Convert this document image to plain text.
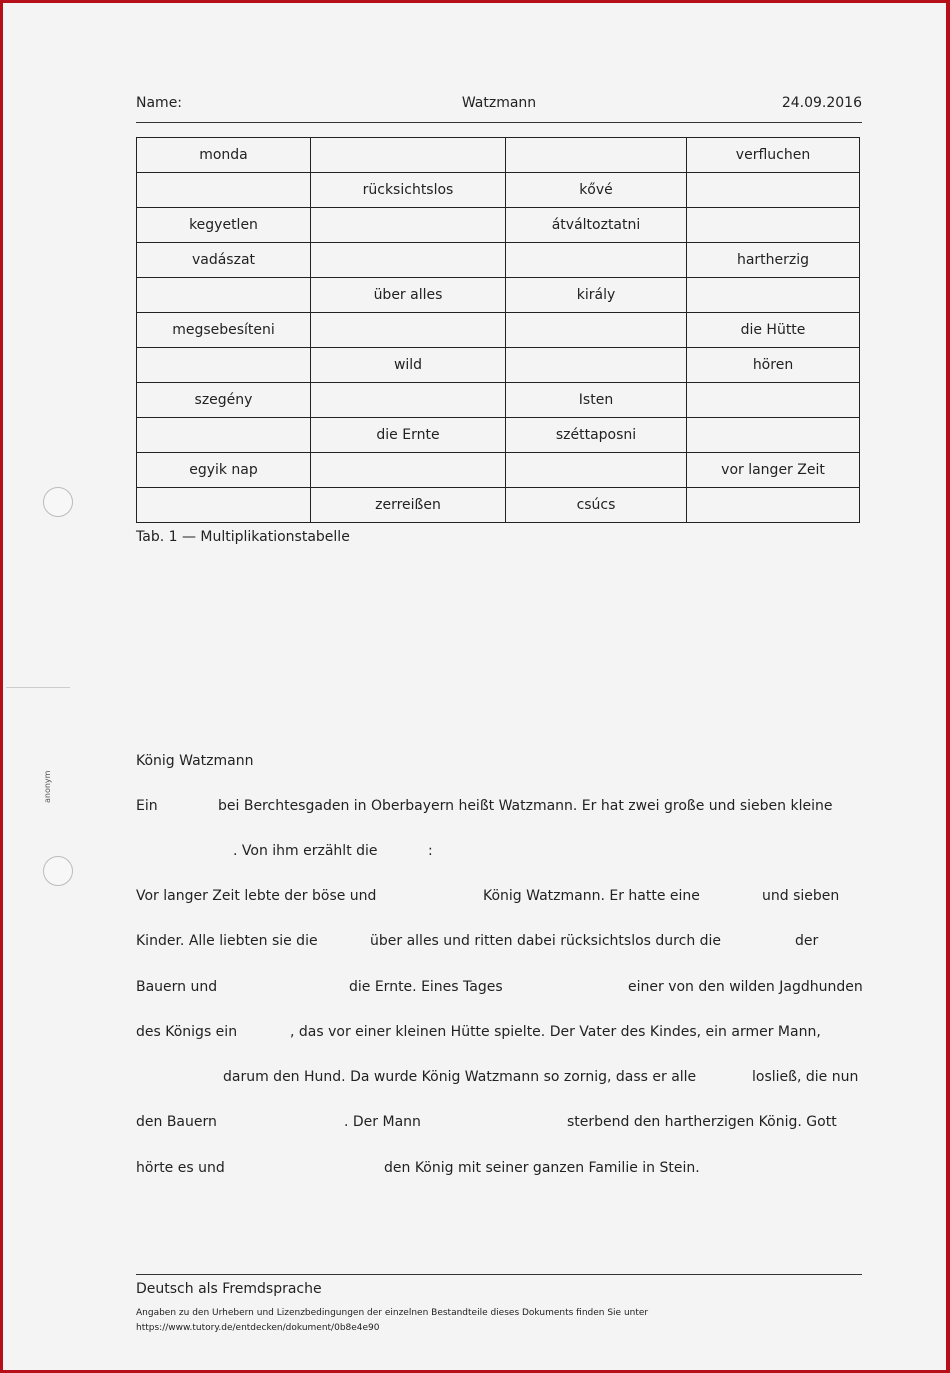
Name:	Watzmann	24.09.2016
monda			verfluchen
	rücksichtslos	kővé	
kegyetlen		átváltoztatni	
vadászat			hartherzig
	über alles	király	
megsebesíteni			die Hütte
	wild		hören
szegény		Isten	
	die Ernte	széttaposni	
egyik nap			vor langer Zeit
	zerreißen	csúcs	
Tab. 1 — Multiplikationstabelle
anonym
König Watzmann
Ein	bei Berchtesgaden in Oberbayern heißt Watzmann. Er hat zwei große und sieben kleine
. Von ihm erzählt die	:
Vor langer Zeit lebte der böse und	König Watzmann. Er hatte eine	und sieben
Kinder. Alle liebten sie die	über alles und ritten dabei rücksichtslos durch die	der
Bauern und	die Ernte. Eines Tages	einer von den wilden Jagdhunden
des Königs ein	, das vor einer kleinen Hütte spielte. Der Vater des Kindes, ein armer Mann,
darum den Hund. Da wurde König Watzmann so zornig, dass er alle	losließ, die nun
den Bauern	. Der Mann	sterbend den hartherzigen König. Gott
hörte es und	den König mit seiner ganzen Familie in Stein.
Deutsch als Fremdsprache
Angaben zu den Urhebern und Lizenzbedingungen der einzelnen Bestandteile dieses Dokuments finden Sie unter
https://www.tutory.de/entdecken/dokument/0b8e4e90
